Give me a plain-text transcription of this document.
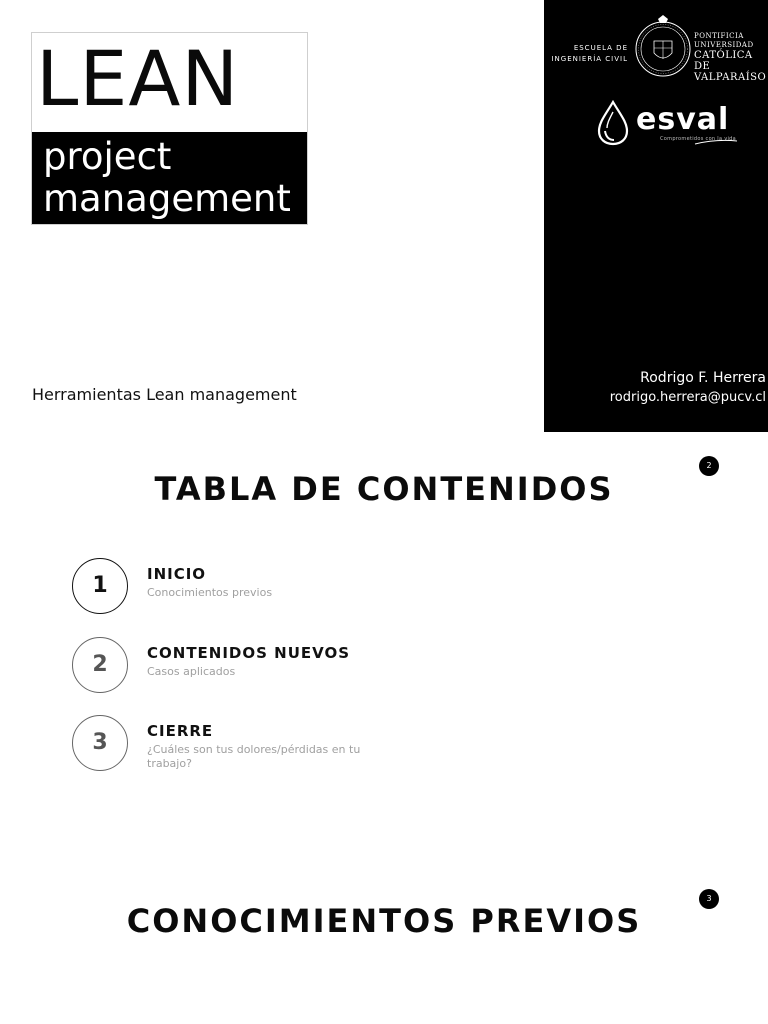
LEAN
project
management
Herramientas Lean management
ESCUELA DE
INGENIERÍA CIVIL
PONTIFICIA
UNIVERSIDAD
CATÓLICA DE
VALPARAÍSO
esval
Comprometidos con la vida
Rodrigo F. Herrera
rodrigo.herrera@pucv.cl
2
TABLA DE CONTENIDOS
1	INICIO
Conocimientos previos
2	CONTENIDOS NUEVOS
Casos aplicados
3	CIERRE
¿Cuáles son tus dolores/pérdidas en tu trabajo?
3
CONOCIMIENTOS PREVIOS
